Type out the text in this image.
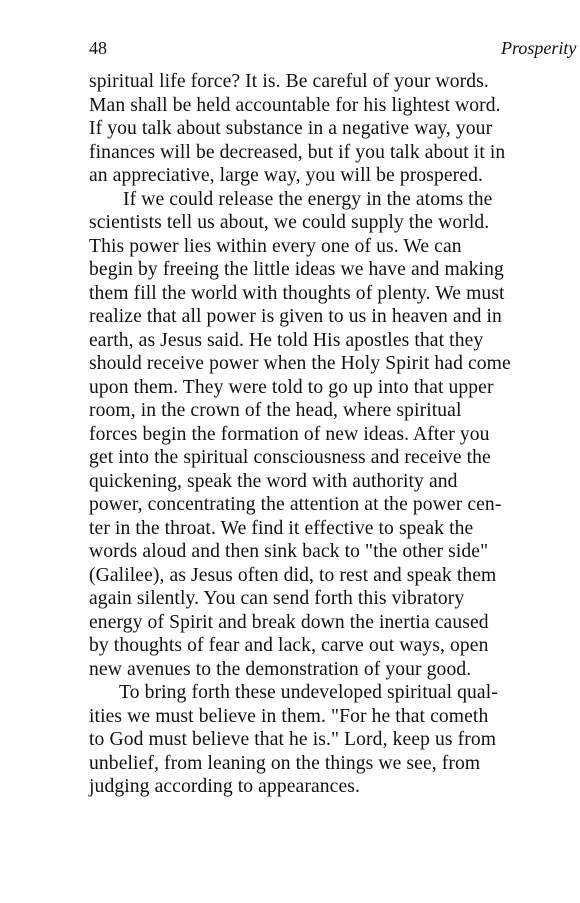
48	Prosperity
spiritual life force? It is. Be careful of your words.
Man shall be held accountable for his lightest word.
If you talk about substance in a negative way, your
finances will be decreased, but if you talk about it in
an appreciative, large way, you will be prospered.
If we could release the energy in the atoms the
scientists tell us about, we could supply the world.
This power lies within every one of us. We can
begin by freeing the little ideas we have and making
them fill the world with thoughts of plenty. We must
realize that all power is given to us in heaven and in
earth, as Jesus said. He told His apostles that they
should receive power when the Holy Spirit had come
upon them. They were told to go up into that upper
room, in the crown of the head, where spiritual
forces begin the formation of new ideas. After you
get into the spiritual consciousness and receive the
quickening, speak the word with authority and
power, concentrating the attention at the power cen-
ter in the throat. We find it effective to speak the
words aloud and then sink back to "the other side"
(Galilee), as Jesus often did, to rest and speak them
again silently. You can send forth this vibratory
energy of Spirit and break down the inertia caused
by thoughts of fear and lack, carve out ways, open
new avenues to the demonstration of your good.
To bring forth these undeveloped spiritual qual-
ities we must believe in them. "For he that cometh
to God must believe that he is." Lord, keep us from
unbelief, from leaning on the things we see, from
judging according to appearances.
